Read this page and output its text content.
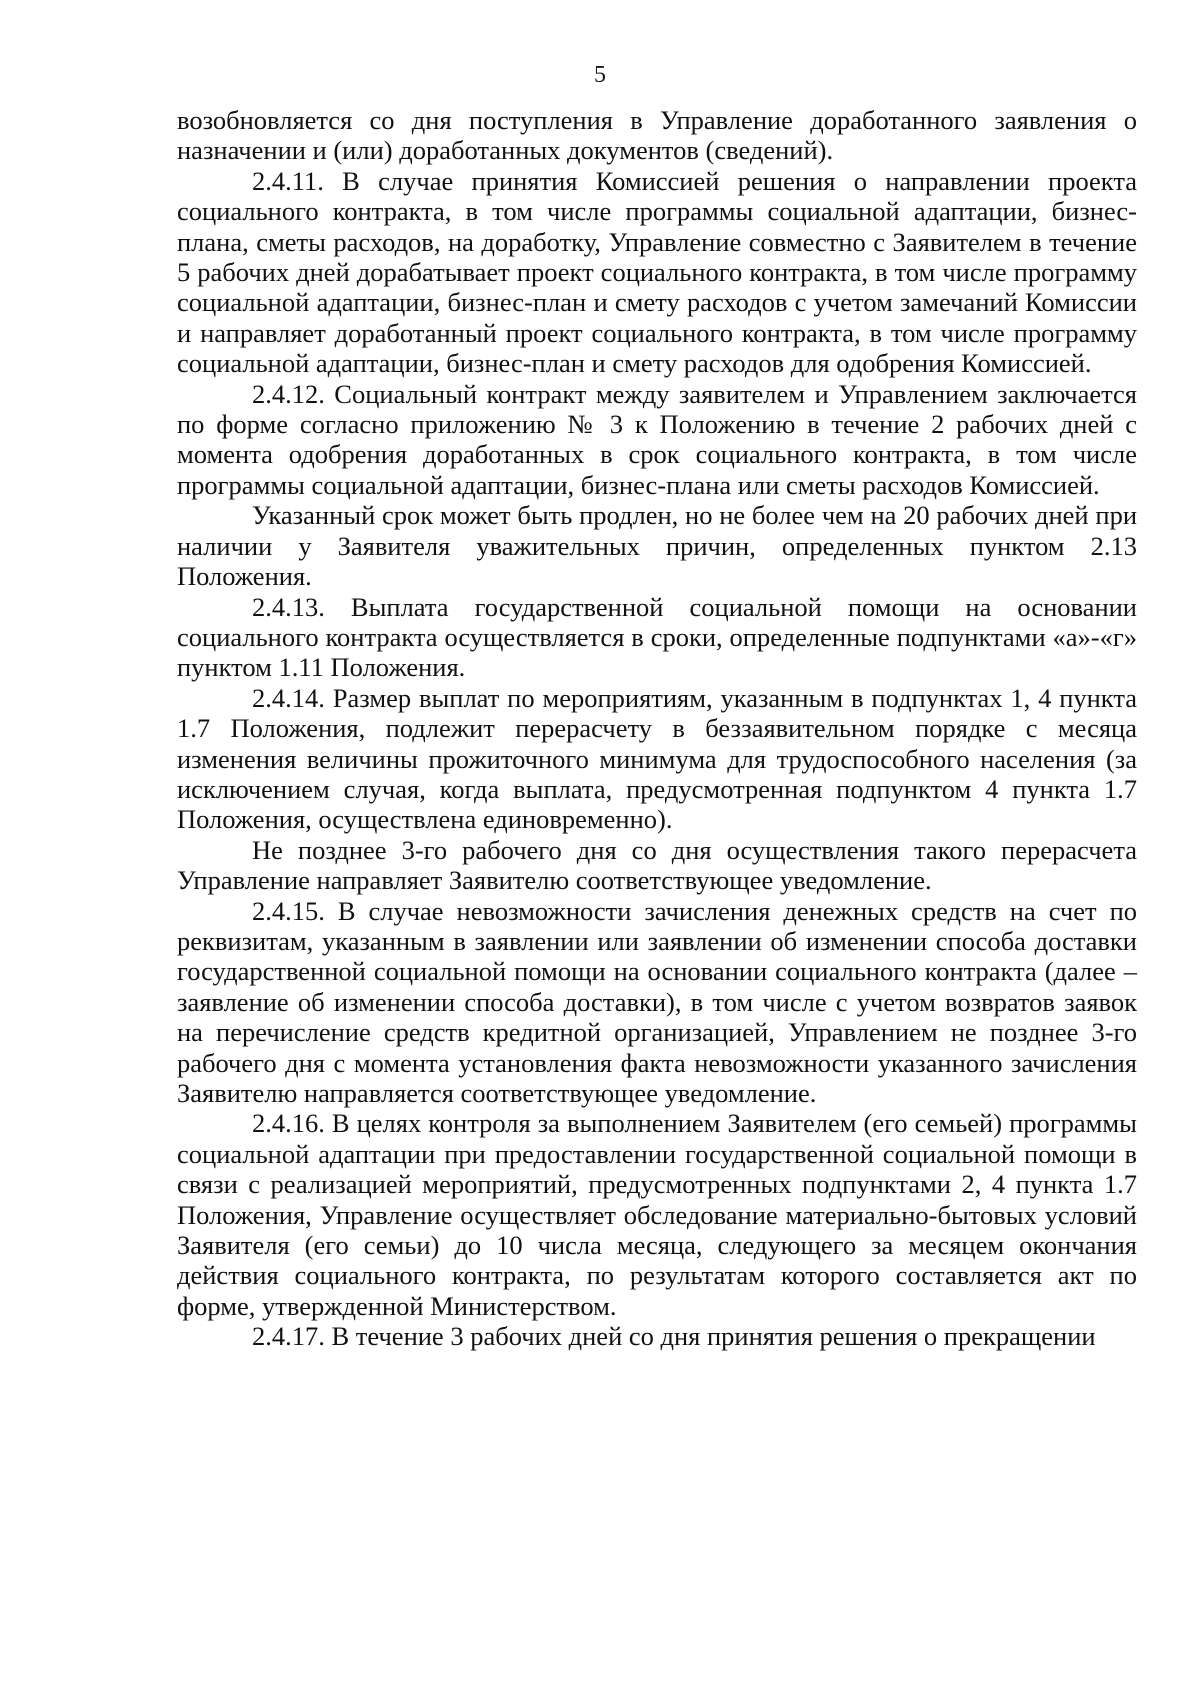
5

возобновляется со дня поступления в Управление доработанного заявления о назначении и (или) доработанных документов (сведений).

2.4.11. В случае принятия Комиссией решения о направлении проекта социального контракта, в том числе программы социальной адаптации, бизнес-плана, сметы расходов, на доработку, Управление совместно с Заявителем в течение 5 рабочих дней дорабатывает проект социального контракта, в том числе программу социальной адаптации, бизнес-план и смету расходов с учетом замечаний Комиссии и направляет доработанный проект социального контракта, в том числе программу социальной адаптации, бизнес-план и смету расходов для одобрения Комиссией.

2.4.12. Социальный контракт между заявителем и Управлением заключается по форме согласно приложению № 3 к Положению в течение 2 рабочих дней с момента одобрения доработанных в срок социального контракта, в том числе программы социальной адаптации, бизнес-плана или сметы расходов Комиссией.

Указанный срок может быть продлен, но не более чем на 20 рабочих дней при наличии у Заявителя уважительных причин, определенных пунктом 2.13 Положения.

2.4.13. Выплата государственной социальной помощи на основании социального контракта осуществляется в сроки, определенные подпунктами «а»-«г» пунктом 1.11 Положения.

2.4.14. Размер выплат по мероприятиям, указанным в подпунктах 1, 4 пункта 1.7 Положения, подлежит перерасчету в беззаявительном порядке с месяца изменения величины прожиточного минимума для трудоспособного населения (за исключением случая, когда выплата, предусмотренная подпунктом 4 пункта 1.7 Положения, осуществлена единовременно).

Не позднее 3-го рабочего дня со дня осуществления такого перерасчета Управление направляет Заявителю соответствующее уведомление.

2.4.15. В случае невозможности зачисления денежных средств на счет по реквизитам, указанным в заявлении или заявлении об изменении способа доставки государственной социальной помощи на основании социального контракта (далее – заявление об изменении способа доставки), в том числе с учетом возвратов заявок на перечисление средств кредитной организацией, Управлением не позднее 3-го рабочего дня с момента установления факта невозможности указанного зачисления Заявителю направляется соответствующее уведомление.

2.4.16. В целях контроля за выполнением Заявителем (его семьей) программы социальной адаптации при предоставлении государственной социальной помощи в связи с реализацией мероприятий, предусмотренных подпунктами 2, 4 пункта 1.7 Положения, Управление осуществляет обследование материально-бытовых условий Заявителя (его семьи) до 10 числа месяца, следующего за месяцем окончания действия социального контракта, по результатам которого составляется акт по форме, утвержденной Министерством.

2.4.17. В течение 3 рабочих дней со дня принятия решения о прекращении
